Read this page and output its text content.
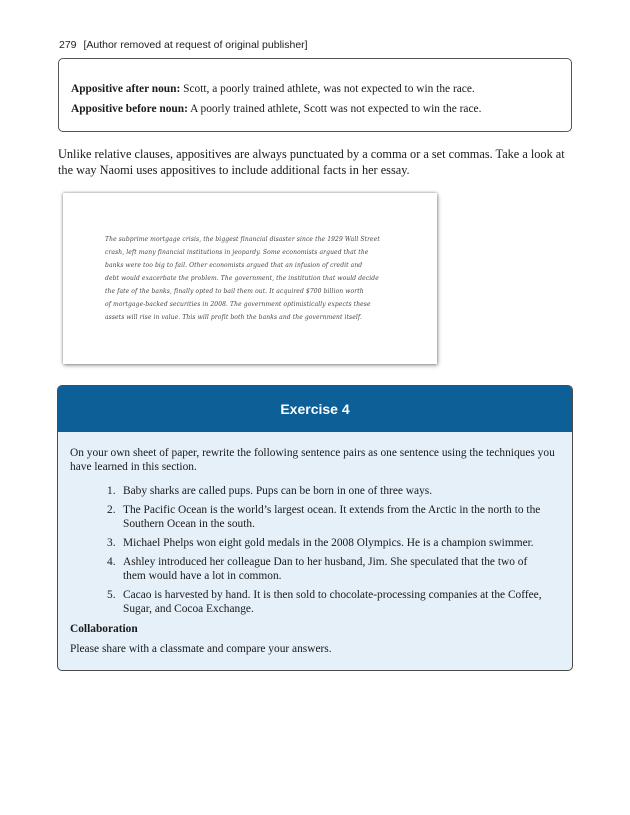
279 [Author removed at request of original publisher]

Appositive after noun: Scott, a poorly trained athlete, was not expected to win the race.

Appositive before noun: A poorly trained athlete, Scott was not expected to win the race.

Unlike relative clauses, appositives are always punctuated by a comma or a set commas. Take a look at the way Naomi uses appositives to include additional facts in her essay.

The subprime mortgage crisis, the biggest financial disaster since the 1929 Wall Street
crash, left many financial institutions in jeopardy. Some economists argued that the
banks were too big to fail. Other economists argued that an infusion of credit and
debt would exacerbate the problem. The government, the institution that would decide
the fate of the banks, finally opted to bail them out. It acquired $700 billion worth
of mortgage-backed securities in 2008. The government optimistically expects these
assets will rise in value. This will profit both the banks and the government itself.
Exercise 4

On your own sheet of paper, rewrite the following sentence pairs as one sentence using the techniques you have learned in this section.

1. Baby sharks are called pups. Pups can be born in one of three ways.
2. The Pacific Ocean is the world’s largest ocean. It extends from the Arctic in the north to the Southern Ocean in the south.
3. Michael Phelps won eight gold medals in the 2008 Olympics. He is a champion swimmer.
4. Ashley introduced her colleague Dan to her husband, Jim. She speculated that the two of them would have a lot in common.
5. Cacao is harvested by hand. It is then sold to chocolate-processing companies at the Coffee, Sugar, and Cocoa Exchange.

Collaboration

Please share with a classmate and compare your answers.
